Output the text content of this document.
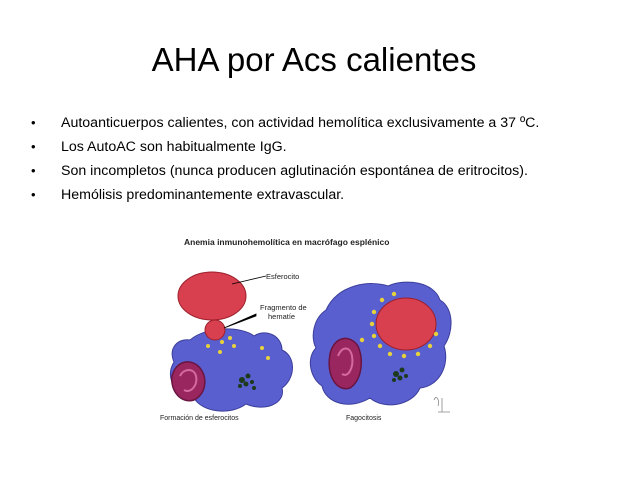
AHA por Acs calientes
• Autoanticuerpos calientes, con actividad hemolítica exclusivamente a 37 ºC.
• Los AutoAC son habitualmente IgG.
• Son incompletos (nunca producen aglutinación espontánea de eritrocitos).
• Hemólisis predominantemente extravascular.
Anemia inmunohemolítica en macrófago esplénico
Esferocito
Fragmento de
hematíe
Formación de esferocitos	Fagocitosis
